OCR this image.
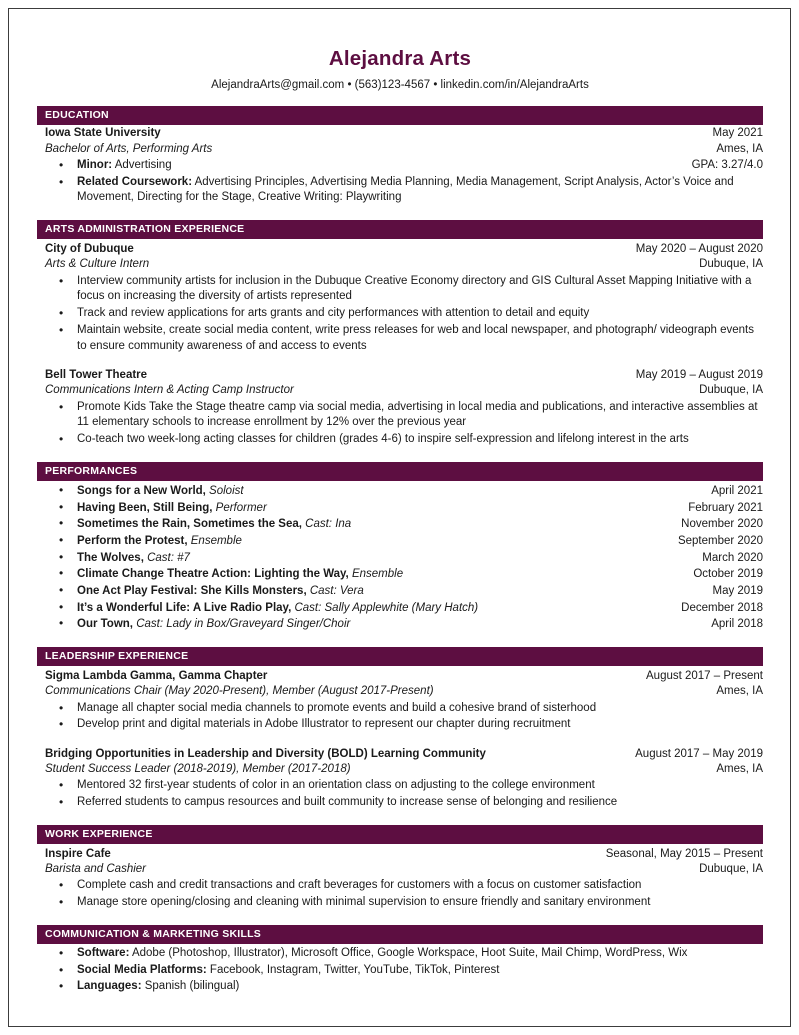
Alejandra Arts
AlejandraArts@gmail.com • (563)123-4567 • linkedin.com/in/AlejandraArts
EDUCATION
Iowa State University	May 2021
Bachelor of Arts, Performing Arts	Ames, IA
• Minor: Advertising	GPA: 3.27/4.0
• Related Coursework: Advertising Principles, Advertising Media Planning, Media Management, Script Analysis, Actor’s Voice and Movement, Directing for the Stage, Creative Writing: Playwriting
ARTS ADMINISTRATION EXPERIENCE
City of Dubuque	May 2020 – August 2020
Arts & Culture Intern	Dubuque, IA
• Interview community artists for inclusion in the Dubuque Creative Economy directory and GIS Cultural Asset Mapping Initiative with a focus on increasing the diversity of artists represented
• Track and review applications for arts grants and city performances with attention to detail and equity
• Maintain website, create social media content, write press releases for web and local newspaper, and photograph/ videograph events to ensure community awareness of and access to events
Bell Tower Theatre	May 2019 – August 2019
Communications Intern & Acting Camp Instructor	Dubuque, IA
• Promote Kids Take the Stage theatre camp via social media, advertising in local media and publications, and interactive assemblies at 11 elementary schools to increase enrollment by 12% over the previous year
• Co-teach two week-long acting classes for children (grades 4-6) to inspire self-expression and lifelong interest in the arts
PERFORMANCES
• Songs for a New World, Soloist	April 2021
• Having Been, Still Being, Performer	February 2021
• Sometimes the Rain, Sometimes the Sea, Cast: Ina	November 2020
• Perform the Protest, Ensemble	September 2020
• The Wolves, Cast: #7	March 2020
• Climate Change Theatre Action: Lighting the Way, Ensemble	October 2019
• One Act Play Festival: She Kills Monsters, Cast: Vera	May 2019
• It’s a Wonderful Life: A Live Radio Play, Cast: Sally Applewhite (Mary Hatch)	December 2018
• Our Town, Cast: Lady in Box/Graveyard Singer/Choir	April 2018
LEADERSHIP EXPERIENCE
Sigma Lambda Gamma, Gamma Chapter	August 2017 – Present
Communications Chair (May 2020-Present), Member (August 2017-Present)	Ames, IA
• Manage all chapter social media channels to promote events and build a cohesive brand of sisterhood
• Develop print and digital materials in Adobe Illustrator to represent our chapter during recruitment
Bridging Opportunities in Leadership and Diversity (BOLD) Learning Community	August 2017 – May 2019
Student Success Leader (2018-2019), Member (2017-2018)	Ames, IA
• Mentored 32 first-year students of color in an orientation class on adjusting to the college environment
• Referred students to campus resources and built community to increase sense of belonging and resilience
WORK EXPERIENCE
Inspire Cafe	Seasonal, May 2015 – Present
Barista and Cashier	Dubuque, IA
• Complete cash and credit transactions and craft beverages for customers with a focus on customer satisfaction
• Manage store opening/closing and cleaning with minimal supervision to ensure friendly and sanitary environment
COMMUNICATION & MARKETING SKILLS
• Software: Adobe (Photoshop, Illustrator), Microsoft Office, Google Workspace, Hoot Suite, Mail Chimp, WordPress, Wix
• Social Media Platforms: Facebook, Instagram, Twitter, YouTube, TikTok, Pinterest
• Languages: Spanish (bilingual)
